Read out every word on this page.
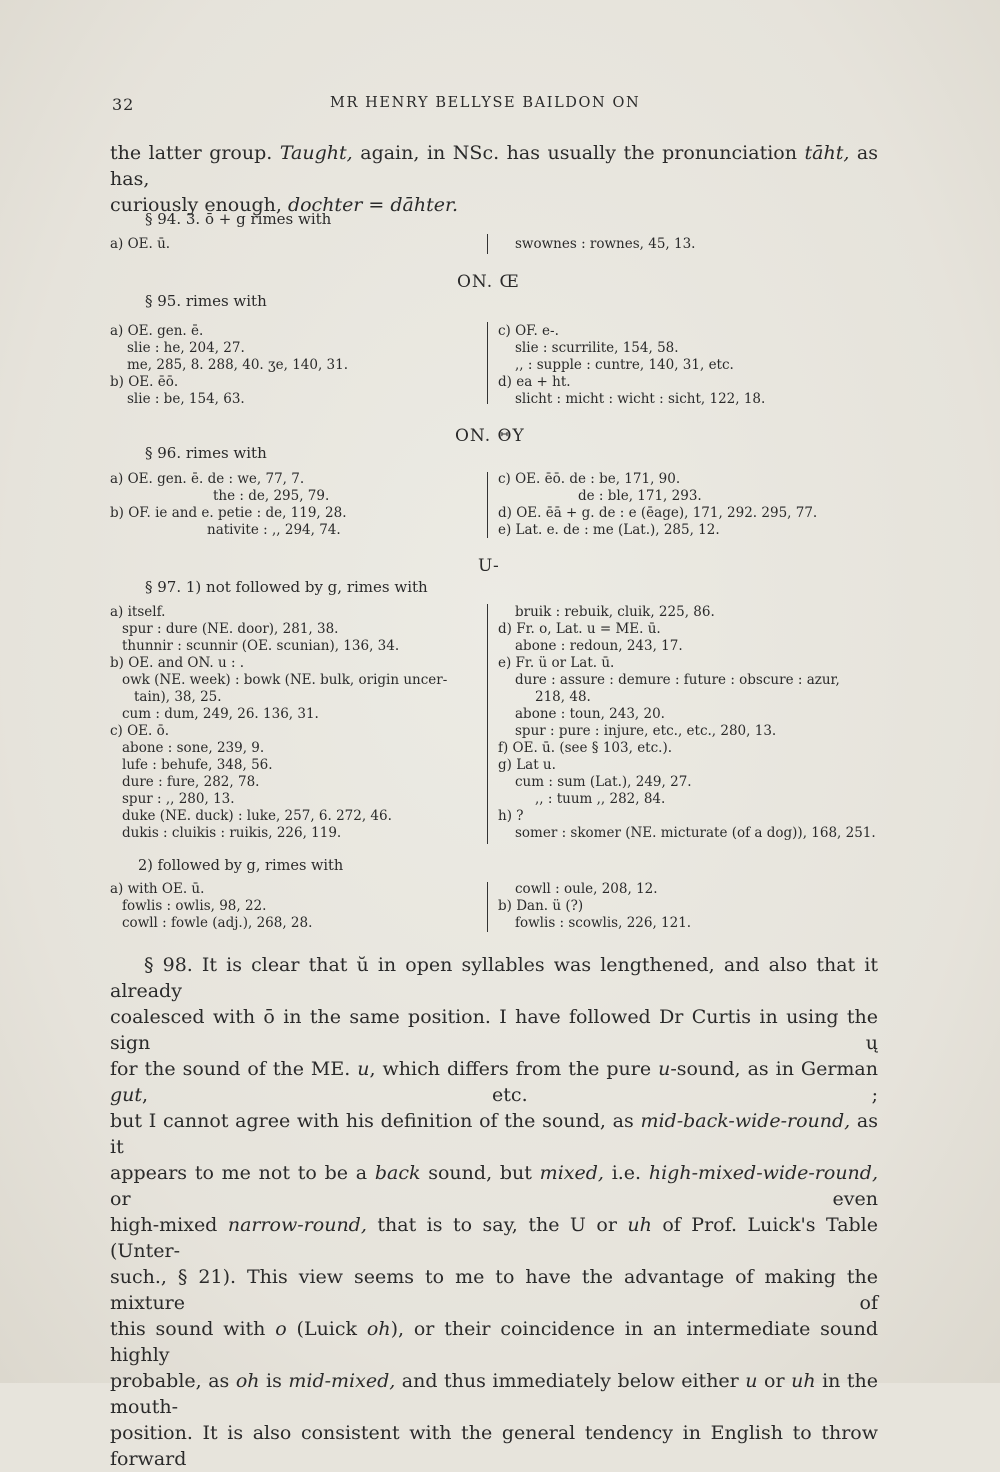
32	MR HENRY BELLYSE BAILDON ON
the latter group. Taught, again, in NSc. has usually the pronunciation tāht, as has,
curiously enough, dochter = dāhter.
§ 94. 3. ō + g rimes with
a) OE. ū.	swownes : rownes, 45, 13.
ON. Œ
§ 95. rimes with
a) OE. gen. ē.
slie : he, 204, 27.
me, 285, 8. 288, 40. ʒe, 140, 31.
b) OE. ēō.
slie : be, 154, 63.
c) OF. e-.
slie : scurrilite, 154, 58.
,, : supple : cuntre, 140, 31, etc.
d) ea + ht.
slicht : micht : wicht : sicht, 122, 18.
ON. ΘY
§ 96. rimes with
a) OE. gen. ē. de : we, 77, 7.
the : de, 295, 79.
b) OF. ie and e. petie : de, 119, 28.
nativite : ,, 294, 74.
c) OE. ēō. de : be, 171, 90.
de : ble, 171, 293.
d) OE. ēā + g. de : e (ēage), 171, 292. 295, 77.
e) Lat. e. de : me (Lat.), 285, 12.
U-
§ 97. 1) not followed by g, rimes with
a) itself.
spur : dure (NE. door), 281, 38.
thunnir : scunnir (OE. scunian), 136, 34.
b) OE. and ON. u : .
owk (NE. week) : bowk (NE. bulk, origin uncer-
tain), 38, 25.
cum : dum, 249, 26. 136, 31.
c) OE. ō.
abone : sone, 239, 9.
lufe : behufe, 348, 56.
dure : fure, 282, 78.
spur : ,, 280, 13.
duke (NE. duck) : luke, 257, 6. 272, 46.
dukis : cluikis : ruikis, 226, 119.
bruik : rebuik, cluik, 225, 86.
d) Fr. o, Lat. u = ME. ū.
abone : redoun, 243, 17.
e) Fr. ü or Lat. ū.
dure : assure : demure : future : obscure : azur,
218, 48.
abone : toun, 243, 20.
spur : pure : injure, etc., etc., 280, 13.
f) OE. ū. (see § 103, etc.).
g) Lat u.
cum : sum (Lat.), 249, 27.
,, : tuum ,, 282, 84.
h) ?
somer : skomer (NE. micturate (of a dog)), 168, 251.
2) followed by g, rimes with
a) with OE. ū.
fowlis : owlis, 98, 22.
cowll : fowle (adj.), 268, 28.
cowll : oule, 208, 12.
b) Dan. ü (?)
fowlis : scowlis, 226, 121.
§ 98. It is clear that ŭ in open syllables was lengthened, and also that it already
coalesced with ō in the same position. I have followed Dr Curtis in using the sign ų
for the sound of the ME. u, which differs from the pure u-sound, as in German gut, etc. ;
but I cannot agree with his definition of the sound, as mid-back-wide-round, as it
appears to me not to be a back sound, but mixed, i.e. high-mixed-wide-round, or even
high-mixed narrow-round, that is to say, the U or uh of Prof. Luick's Table (Unter-
such., § 21). This view seems to me to have the advantage of making the mixture of
this sound with o (Luick oh), or their coincidence in an intermediate sound highly
probable, as oh is mid-mixed, and thus immediately below either u or uh in the mouth-
position. It is also consistent with the general tendency in English to throw forward
